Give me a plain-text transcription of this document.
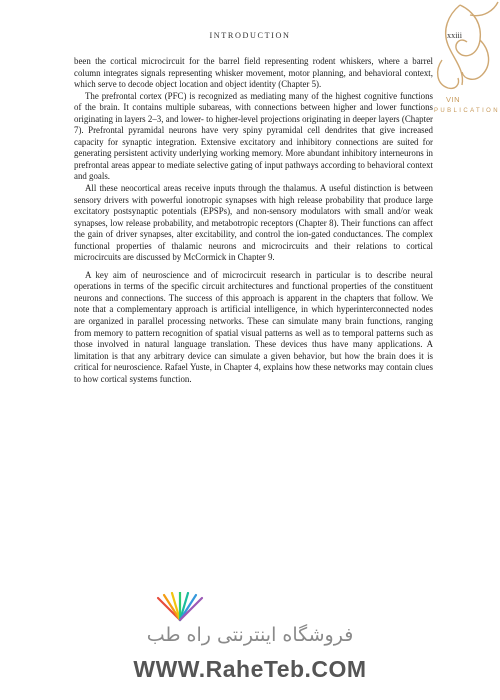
INTRODUCTION	xxiii

been the cortical microcircuit for the barrel field representing rodent whiskers, where a barrel column integrates signals representing whisker movement, motor planning, and behavioral context, which serve to decode object location and object identity (Chapter 5).

The prefrontal cortex (PFC) is recognized as mediating many of the highest cognitive functions of the brain. It contains multiple subareas, with connections between higher and lower functions originating in layers 2–3, and lower- to higher-level projections originating in deeper layers (Chapter 7). Prefrontal pyramidal neurons have very spiny pyramidal cell dendrites that give increased capacity for synaptic integration. Extensive excitatory and inhibitory connections are suited for generating persistent activity underlying working memory. More abundant inhibitory interneurons in prefrontal areas appear to mediate selective gating of input pathways according to behavioral context and goals.

All these neocortical areas receive inputs through the thalamus. A useful distinction is between sensory drivers with powerful ionotropic synapses with high release probability that produce large excitatory postsynaptic potentials (EPSPs), and non-sensory modulators with small and/or weak synapses, low release probability, and metabotropic receptors (Chapter 8). Their functions can affect the gain of driver synapses, alter excitability, and control the ion-gated conductances. The complex functional properties of thalamic neurons and microcircuits and their relations to cortical microcircuits are discussed by McCormick in Chapter 9.

A key aim of neuroscience and of microcircuit research in particular is to describe neural operations in terms of the specific circuit architectures and functional properties of the constituent neurons and connections. The success of this approach is apparent in the chapters that follow. We note that a complementary approach is artificial intelligence, in which hyperinterconnected nodes are organized in parallel processing networks. These can simulate many brain functions, ranging from memory to pattern recognition of spatial visual patterns as well as to temporal patterns such as those involved in natural language translation. These devices thus have many applications. A limitation is that any arbitrary device can simulate a given behavior, but how the brain does it is critical for neuroscience. Rafael Yuste, in Chapter 4, explains how these networks may contain clues to how cortical systems function.

VIN
PUBLICATION
فروشگاه اینترنتی راه طب
WWW.RaheTeb.COM
